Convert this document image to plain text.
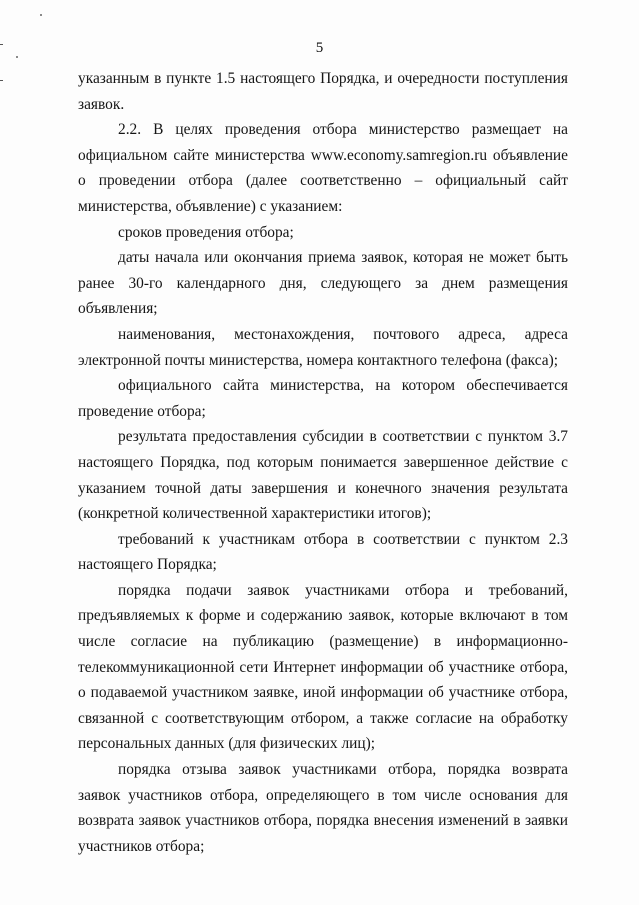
5

указанным в пункте 1.5 настоящего Порядка, и очередности поступления заявок.

2.2. В целях проведения отбора министерство размещает на официальном сайте министерства www.economy.samregion.ru объявление о проведении отбора (далее соответственно – официальный сайт министерства, объявление) с указанием:

сроков проведения отбора;

даты начала или окончания приема заявок, которая не может быть ранее 30-го календарного дня, следующего за днем размещения объявления;

наименования, местонахождения, почтового адреса, адреса электронной почты министерства, номера контактного телефона (факса);

официального сайта министерства, на котором обеспечивается проведение отбора;

результата предоставления субсидии в соответствии с пунктом 3.7 настоящего Порядка, под которым понимается завершенное действие с указанием точной даты завершения и конечного значения результата (конкретной количественной характеристики итогов);

требований к участникам отбора в соответствии с пунктом 2.3 настоящего Порядка;

порядка подачи заявок участниками отбора и требований, предъявляемых к форме и содержанию заявок, которые включают в том числе согласие на публикацию (размещение) в информационно-телекоммуникационной сети Интернет информации об участнике отбора, о подаваемой участником заявке, иной информации об участнике отбора, связанной с соответствующим отбором, а также согласие на обработку персональных данных (для физических лиц);

порядка отзыва заявок участниками отбора, порядка возврата заявок участников отбора, определяющего в том числе основания для возврата заявок участников отбора, порядка внесения изменений в заявки участников отбора;
